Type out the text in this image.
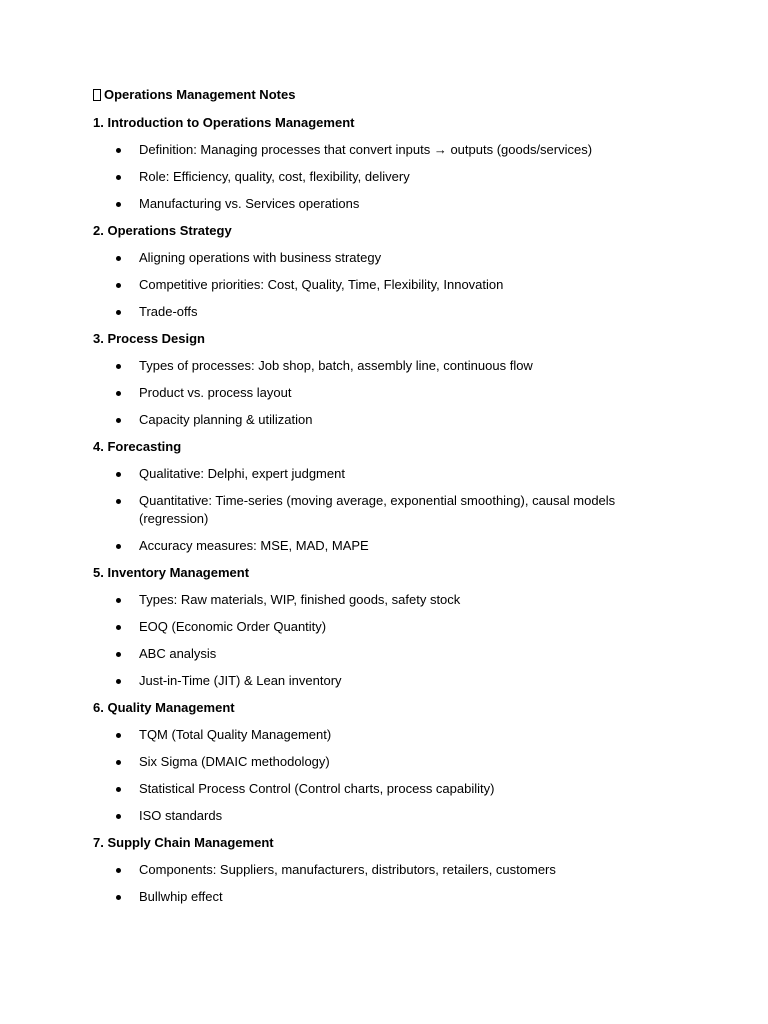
Operations Management Notes
1. Introduction to Operations Management
Definition: Managing processes that convert inputs → outputs (goods/services)
Role: Efficiency, quality, cost, flexibility, delivery
Manufacturing vs. Services operations
2. Operations Strategy
Aligning operations with business strategy
Competitive priorities: Cost, Quality, Time, Flexibility, Innovation
Trade-offs
3. Process Design
Types of processes: Job shop, batch, assembly line, continuous flow
Product vs. process layout
Capacity planning & utilization
4. Forecasting
Qualitative: Delphi, expert judgment
Quantitative: Time-series (moving average, exponential smoothing), causal models (regression)
Accuracy measures: MSE, MAD, MAPE
5. Inventory Management
Types: Raw materials, WIP, finished goods, safety stock
EOQ (Economic Order Quantity)
ABC analysis
Just-in-Time (JIT) & Lean inventory
6. Quality Management
TQM (Total Quality Management)
Six Sigma (DMAIC methodology)
Statistical Process Control (Control charts, process capability)
ISO standards
7. Supply Chain Management
Components: Suppliers, manufacturers, distributors, retailers, customers
Bullwhip effect
